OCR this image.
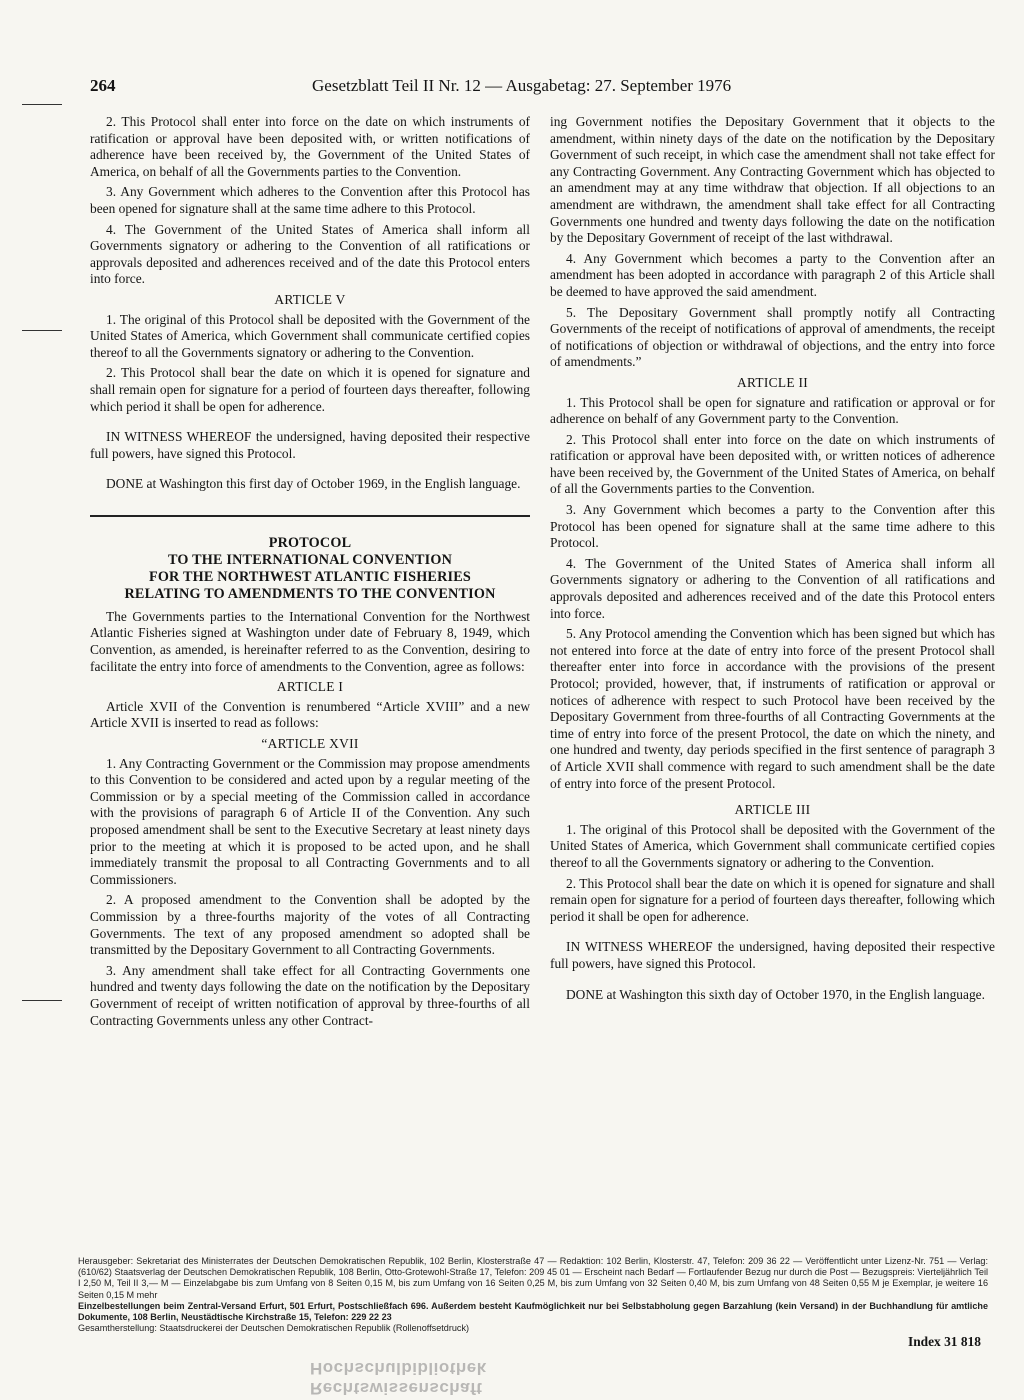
264	Gesetzblatt Teil II Nr. 12 — Ausgabetag: 27. September 1976

2. This Protocol shall enter into force on the date on which instruments of ratification or approval have been deposited with, or written notifications of adherence have been received by, the Government of the United States of America, on behalf of all the Governments parties to the Convention.

3. Any Government which adheres to the Convention after this Protocol has been opened for signature shall at the same time adhere to this Protocol.

4. The Government of the United States of America shall inform all Governments signatory or adhering to the Convention of all ratifications or approvals deposited and adherences received and of the date this Protocol enters into force.

ARTICLE V

1. The original of this Protocol shall be deposited with the Government of the United States of America, which Government shall communicate certified copies thereof to all the Governments signatory or adhering to the Convention.

2. This Protocol shall bear the date on which it is opened for signature and shall remain open for signature for a period of fourteen days thereafter, following which period it shall be open for adherence.

IN WITNESS WHEREOF the undersigned, having deposited their respective full powers, have signed this Protocol.

DONE at Washington this first day of October 1969, in the English language.

PROTOCOL
TO THE INTERNATIONAL CONVENTION
FOR THE NORTHWEST ATLANTIC FISHERIES
RELATING TO AMENDMENTS TO THE CONVENTION

The Governments parties to the International Convention for the Northwest Atlantic Fisheries signed at Washington under date of February 8, 1949, which Convention, as amended, is hereinafter referred to as the Convention, desiring to facilitate the entry into force of amendments to the Convention, agree as follows:

ARTICLE I

Article XVII of the Convention is renumbered “Article XVIII” and a new Article XVII is inserted to read as follows:

“ARTICLE XVII

1. Any Contracting Government or the Commission may propose amendments to this Convention to be considered and acted upon by a regular meeting of the Commission or by a special meeting of the Commission called in accordance with the provisions of paragraph 6 of Article II of the Convention. Any such proposed amendment shall be sent to the Executive Secretary at least ninety days prior to the meeting at which it is proposed to be acted upon, and he shall immediately transmit the proposal to all Contracting Governments and to all Commissioners.

2. A proposed amendment to the Convention shall be adopted by the Commission by a three-fourths majority of the votes of all Contracting Governments. The text of any proposed amendment so adopted shall be transmitted by the Depositary Government to all Contracting Governments.

3. Any amendment shall take effect for all Contracting Governments one hundred and twenty days following the date on the notification by the Depositary Government of receipt of written notification of approval by three-fourths of all Contracting Governments unless any other Contract-

ing Government notifies the Depositary Government that it objects to the amendment, within ninety days of the date on the notification by the Depositary Government of such receipt, in which case the amendment shall not take effect for any Contracting Government. Any Contracting Government which has objected to an amendment may at any time withdraw that objection. If all objections to an amendment are withdrawn, the amendment shall take effect for all Contracting Governments one hundred and twenty days following the date on the notification by the Depositary Government of receipt of the last withdrawal.

4. Any Government which becomes a party to the Convention after an amendment has been adopted in accordance with paragraph 2 of this Article shall be deemed to have approved the said amendment.

5. The Depositary Government shall promptly notify all Contracting Governments of the receipt of notifications of approval of amendments, the receipt of notifications of objection or withdrawal of objections, and the entry into force of amendments.”

ARTICLE II

1. This Protocol shall be open for signature and ratification or approval or for adherence on behalf of any Government party to the Convention.

2. This Protocol shall enter into force on the date on which instruments of ratification or approval have been deposited with, or written notices of adherence have been received by, the Government of the United States of America, on behalf of all the Governments parties to the Convention.

3. Any Government which becomes a party to the Convention after this Protocol has been opened for signature shall at the same time adhere to this Protocol.

4. The Government of the United States of America shall inform all Governments signatory or adhering to the Convention of all ratifications and approvals deposited and adherences received and of the date this Protocol enters into force.

5. Any Protocol amending the Convention which has been signed but which has not entered into force at the date of entry into force of the present Protocol shall thereafter enter into force in accordance with the provisions of the present Protocol; provided, however, that, if instruments of ratification or approval or notices of adherence with respect to such Protocol have been received by the Depositary Government from three-fourths of all Contracting Governments at the time of entry into force of the present Protocol, the date on which the ninety, and one hundred and twenty, day periods specified in the first sentence of paragraph 3 of Article XVII shall commence with regard to such amendment shall be the date of entry into force of the present Protocol.

ARTICLE III

1. The original of this Protocol shall be deposited with the Government of the United States of America, which Government shall communicate certified copies thereof to all the Governments signatory or adhering to the Convention.

2. This Protocol shall bear the date on which it is opened for signature and shall remain open for signature for a period of fourteen days thereafter, following which period it shall be open for adherence.

IN WITNESS WHEREOF the undersigned, having deposited their respective full powers, have signed this Protocol.

DONE at Washington this sixth day of October 1970, in the English language.

Herausgeber: Sekretariat des Ministerrates der Deutschen Demokratischen Republik, 102 Berlin, Klosterstraße 47 — Redaktion: 102 Berlin, Klosterstr. 47, Telefon: 209 36 22 — Veröffentlicht unter Lizenz-Nr. 751 — Verlag: (610/62) Staatsverlag der Deutschen Demokratischen Republik, 108 Berlin, Otto-Grotewohl-Straße 17, Telefon: 209 45 01 — Erscheint nach Bedarf — Fortlaufender Bezug nur durch die Post — Bezugspreis: Vierteljährlich Teil I 2,50 M, Teil II 3,— M — Einzelabgabe bis zum Umfang von 8 Seiten 0,15 M, bis zum Umfang von 16 Seiten 0,25 M, bis zum Umfang von 32 Seiten 0,40 M, bis zum Umfang von 48 Seiten 0,55 M je Exemplar, je weitere 16 Seiten 0,15 M mehr
Einzelbestellungen beim Zentral-Versand Erfurt, 501 Erfurt, Postschließfach 696. Außerdem besteht Kaufmöglichkeit nur bei Selbstabholung gegen Barzahlung (kein Versand) in der Buchhandlung für amtliche Dokumente, 108 Berlin, Neustädtische Kirchstraße 15, Telefon: 229 22 23
Gesamtherstellung: Staatsdruckerei der Deutschen Demokratischen Republik (Rollenoffsetdruck)
Index 31 818
Rechtswissenschaft
Hochschulbibliothek
